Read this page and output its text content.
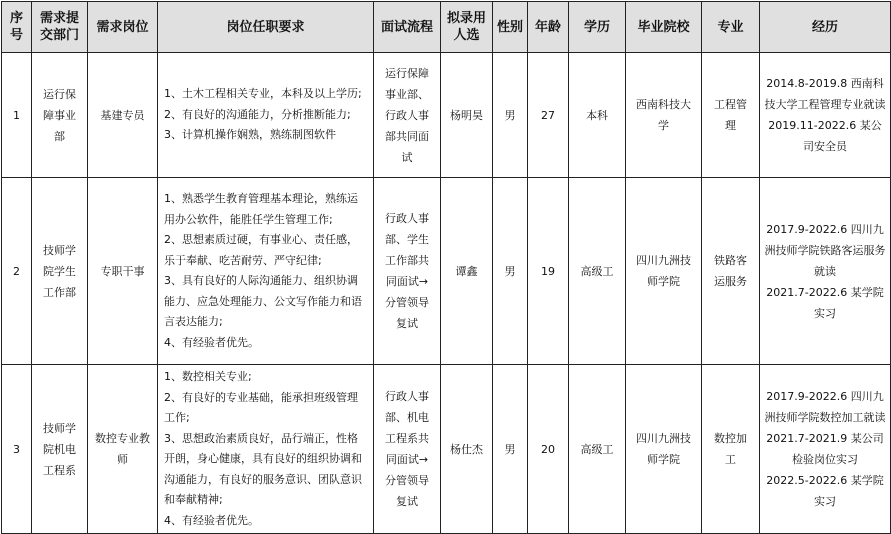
序号	需求提交部门	需求岗位	岗位任职要求	面试流程	拟录用人选	性别	年龄	学历	毕业院校	专业	经历
1	运行保障事业部	基建专员	1、土木工程相关专业，本科及以上学历;
2、有良好的沟通能力，分析推断能力;
3、计算机操作娴熟，熟练制图软件	运行保障事业部、行政人事部共同面试	杨明昊	男	27	本科	西南科技大学	工程管理	2014.8-2019.8 西南科技大学工程管理专业就读
2019.11-2022.6 某公司安全员

2	技师学院学生工作部	专职干事	1、熟悉学生教育管理基本理论，熟练运用办公软件，能胜任学生管理工作;
2、思想素质过硬，有事业心、责任感，乐于奉献、吃苦耐劳、严守纪律;
3、具有良好的人际沟通能力、组织协调能力、应急处理能力、公文写作能力和语言表达能力;
4、有经验者优先。	行政人事部、学生工作部共同面试→分管领导复试	谭鑫	男	19	高级工	四川九洲技师学院	铁路客运服务	2017.9-2022.6 四川九洲技师学院铁路客运服务就读
2021.7-2022.6 某学院实习

3	技师学院机电工程系	数控专业教师	1、数控相关专业;
2、有良好的专业基础，能承担班级管理工作;
3、思想政治素质良好，品行端正，性格开朗，身心健康，具有良好的组织协调和沟通能力，有良好的服务意识、团队意识和奉献精神;
4、有经验者优先。	行政人事部、机电工程系共同面试→分管领导复试	杨仕杰	男	20	高级工	四川九洲技师学院	数控加工	2017.9-2022.6 四川九洲技师学院数控加工就读
2021.7-2021.9 某公司检验岗位实习
2022.5-2022.6 某学院实习
